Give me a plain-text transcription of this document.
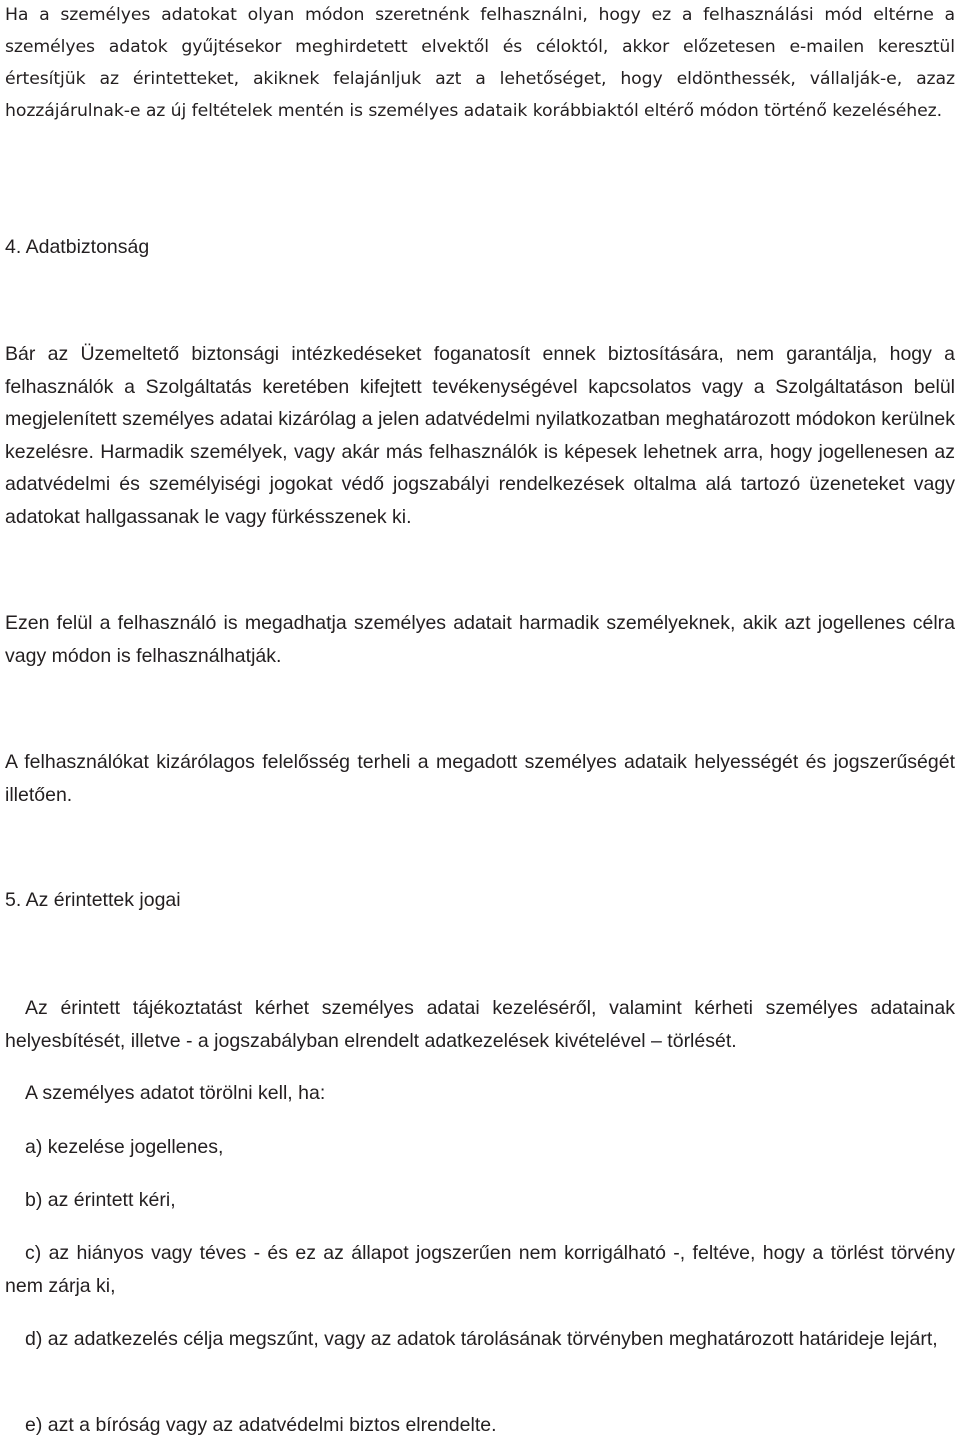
Ha a személyes adatokat olyan módon szeretnénk felhasználni, hogy ez a felhasználási mód eltérne a személyes adatok gyűjtésekor meghirdetett elvektől és céloktól, akkor előzetesen e-mailen keresztül értesítjük az érintetteket, akiknek felajánljuk azt a lehetőséget, hogy eldönthessék, vállalják-e, azaz hozzájárulnak-e az új feltételek mentén is személyes adataik korábbiaktól eltérő módon történő kezeléséhez.

4. Adatbiztonság

Bár az Üzemeltető biztonsági intézkedéseket foganatosít ennek biztosítására, nem garantálja, hogy a felhasználók a Szolgáltatás keretében kifejtett tevékenységével kapcsolatos vagy a Szolgáltatáson belül megjelenített személyes adatai kizárólag a jelen adatvédelmi nyilatkozatban meghatározott módokon kerülnek kezelésre. Harmadik személyek, vagy akár más felhasználók is képesek lehetnek arra, hogy jogellenesen az adatvédelmi és személyiségi jogokat védő jogszabályi rendelkezések oltalma alá tartozó üzeneteket vagy adatokat hallgassanak le vagy fürkésszenek ki.

Ezen felül a felhasználó is megadhatja személyes adatait harmadik személyeknek, akik azt jogellenes célra vagy módon is felhasználhatják.

A felhasználókat kizárólagos felelősség terheli a megadott személyes adataik helyességét és jogszerűségét illetően.

5. Az érintettek jogai

Az érintett tájékoztatást kérhet személyes adatai kezeléséről, valamint kérheti személyes adatainak helyesbítését, illetve - a jogszabályban elrendelt adatkezelések kivételével – törlését.

A személyes adatot törölni kell, ha:

a) kezelése jogellenes,

b) az érintett kéri,

c) az hiányos vagy téves - és ez az állapot jogszerűen nem korrigálható -, feltéve, hogy a törlést törvény nem zárja ki,

d) az adatkezelés célja megszűnt, vagy az adatok tárolásának törvényben meghatározott határideje lejárt,

e) azt a bíróság vagy az adatvédelmi biztos elrendelte.
